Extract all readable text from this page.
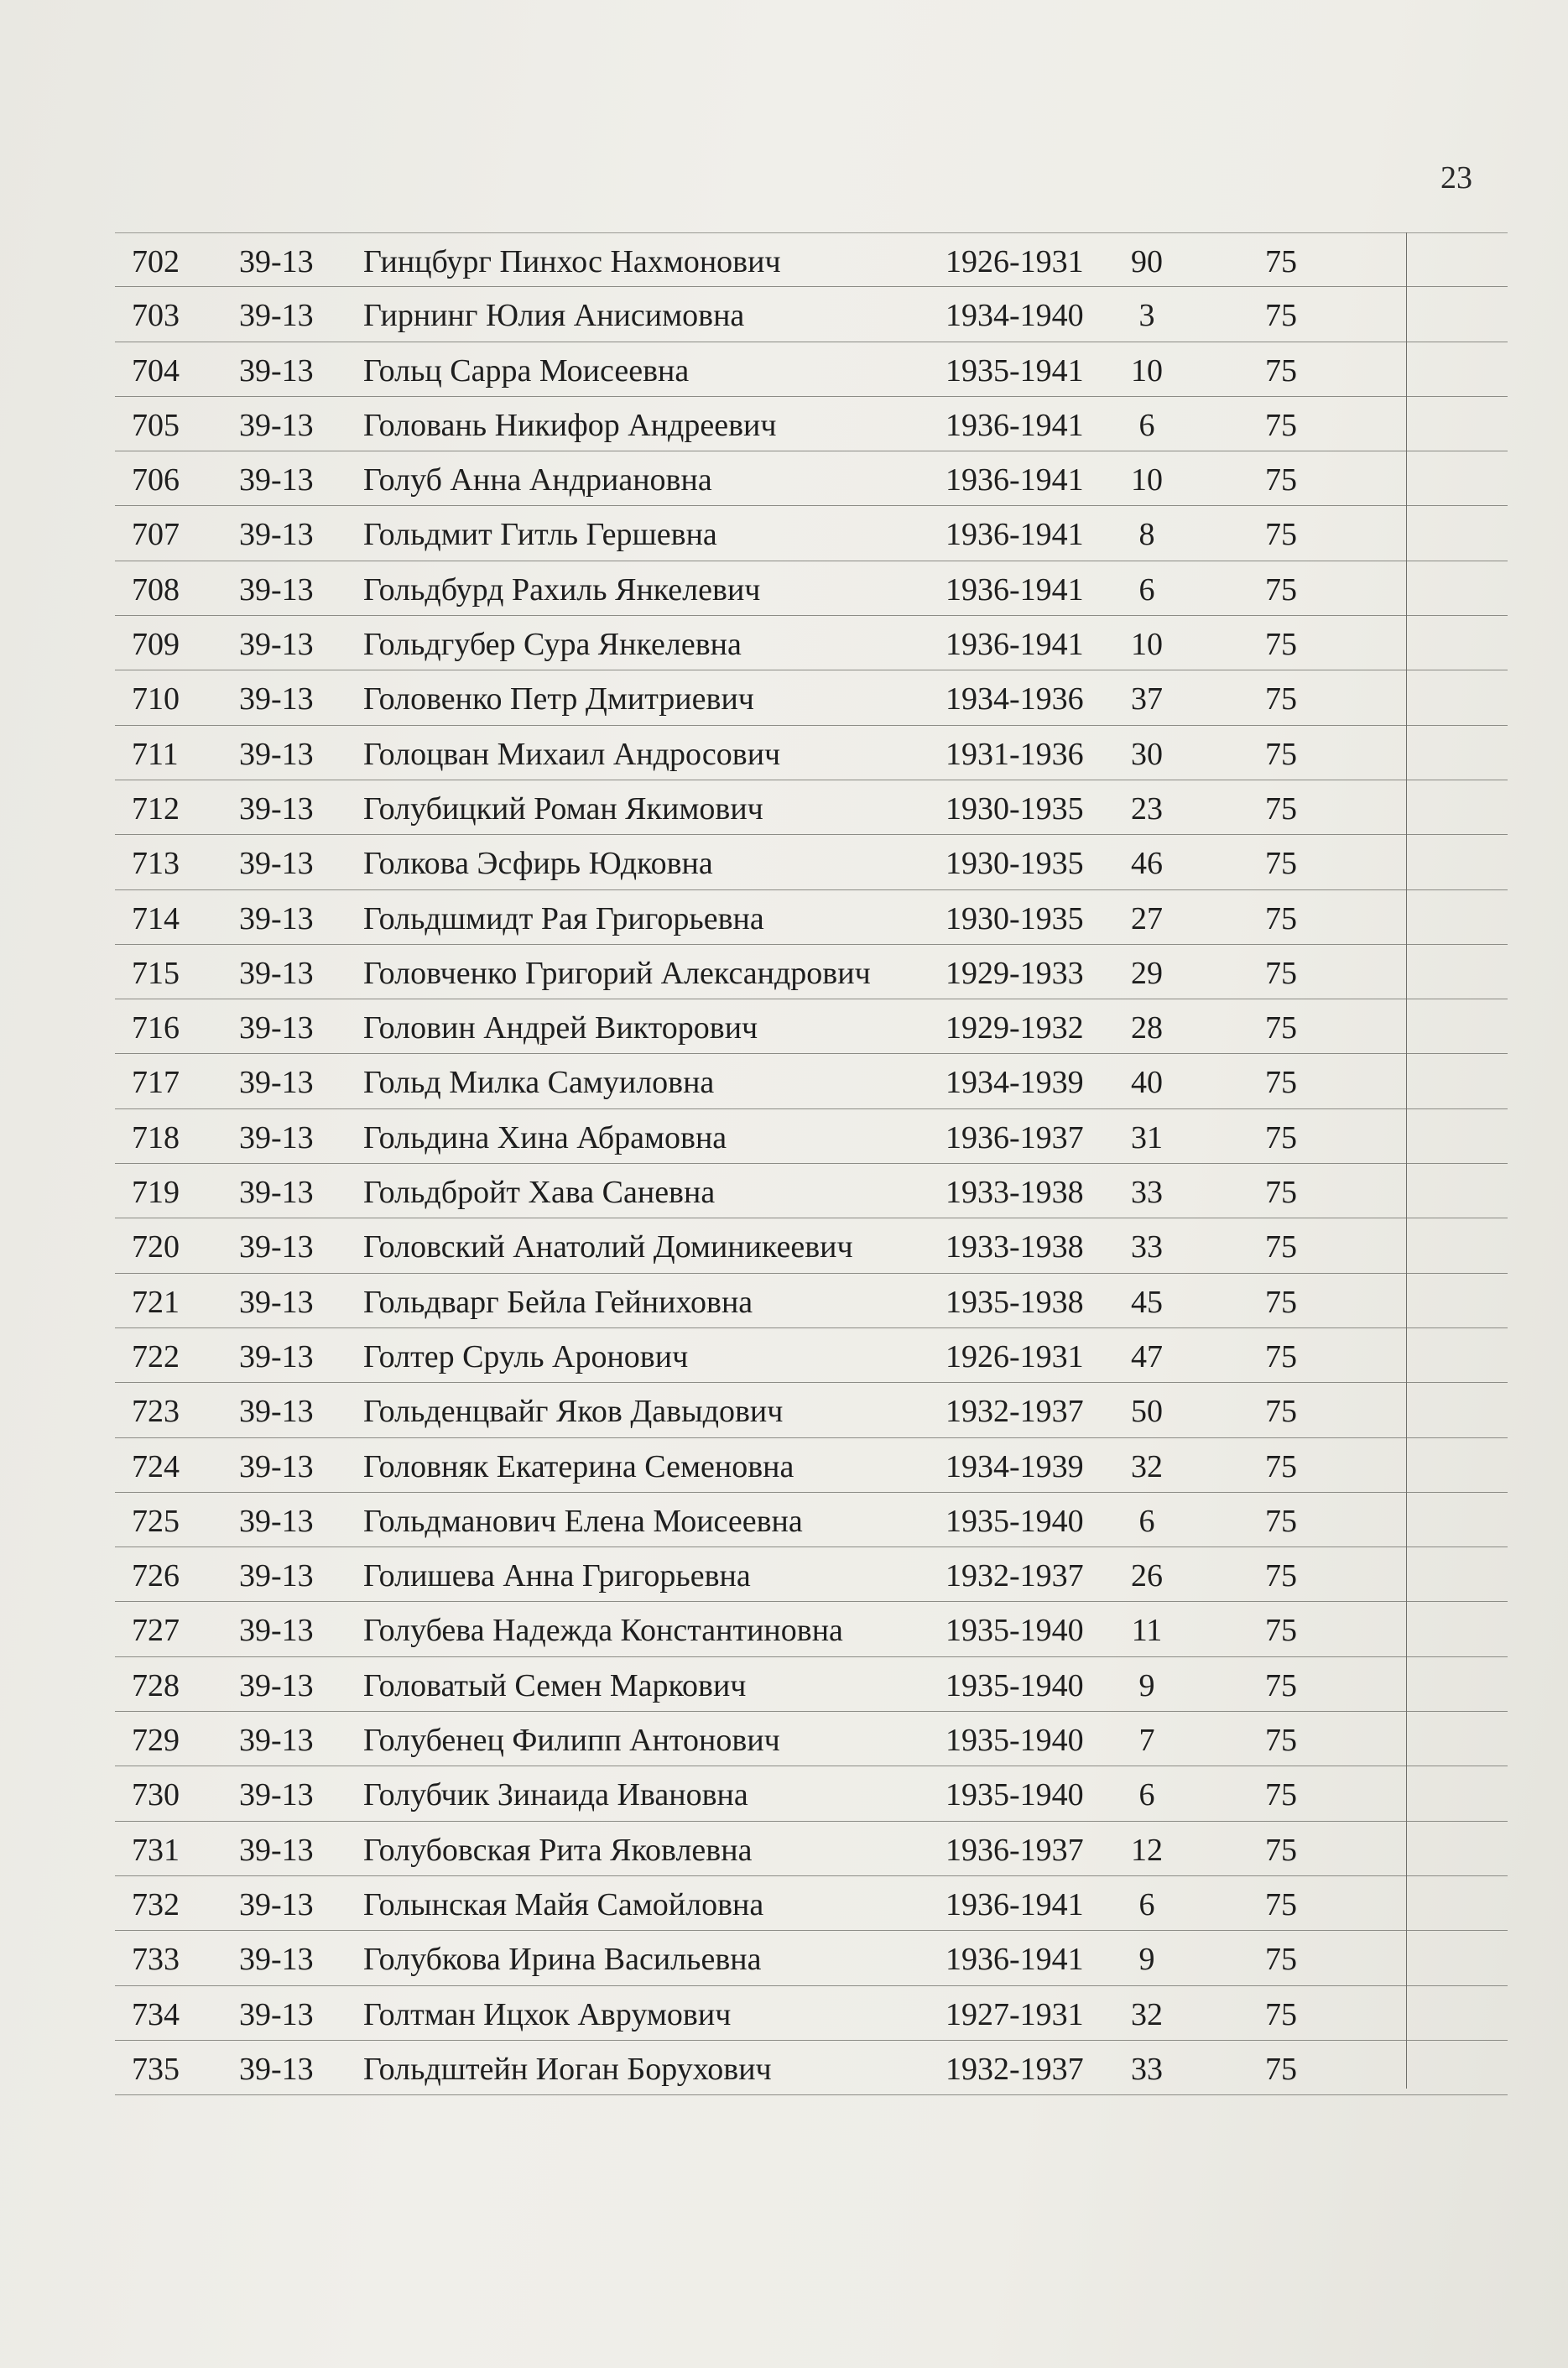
23
702 39-13 Гинцбург Пинхос Нахмонович	1926-1931	90	75
703 39-13 Гирнинг Юлия Анисимовна	1934-1940	3	75
704 39-13 Гольц Сарра Моисеевна	1935-1941	10	75
705 39-13 Головань Никифор Андреевич	1936-1941	6	75
706 39-13 Голуб Анна Андриановна	1936-1941	10	75
707 39-13 Гольдмит Гитль Гершевна	1936-1941	8	75
708 39-13 Гольдбурд Рахиль Янкелевич	1936-1941	6	75
709 39-13 Гольдгубер Сура Янкелевна	1936-1941	10	75
710 39-13 Головенко Петр Дмитриевич	1934-1936	37	75
711 39-13 Голоцван Михаил Андросович	1931-1936	30	75
712 39-13 Голубицкий Роман Якимович	1930-1935	23	75
713 39-13 Голкова Эсфирь Юдковна	1930-1935	46	75
714 39-13 Гольдшмидт Рая Григорьевна	1930-1935	27	75
715 39-13 Головченко Григорий Александрович 1929-1933	29	75
716 39-13 Головин Андрей Викторович	1929-1932	28	75
717 39-13 Гольд Милка Самуиловна	1934-1939	40	75
718 39-13 Гольдина Хина Абрамовна	1936-1937	31	75
719 39-13 Гольдбройт Хава Саневна	1933-1938	33	75
720 39-13 Головский Анатолий Доминикеевич	1933-1938	33	75
721 39-13 Гольдварг Бейла Гейниховна	1935-1938	45	75
722 39-13 Голтер Сруль Аронович	1926-1931	47	75
723 39-13 Гольденцвайг Яков Давыдович	1932-1937	50	75
724 39-13 Головняк Екатерина Семеновна	1934-1939	32	75
725 39-13 Гольдманович Елена Моисеевна	1935-1940	6	75
726 39-13 Голишева Анна Григорьевна	1932-1937	26	75
727 39-13 Голубева Надежда Константиновна	1935-1940	11	75
728 39-13 Головатый Семен Маркович	1935-1940	9	75
729 39-13 Голубенец Филипп Антонович	1935-1940	7	75
730 39-13 Голубчик Зинаида Ивановна	1935-1940	6	75
731 39-13 Голубовская Рита Яковлевна	1936-1937	12	75
732 39-13 Голынская Майя Самойловна	1936-1941	6	75
733 39-13 Голубкова Ирина Васильевна	1936-1941	9	75
734 39-13 Голтман Ицхок Аврумович	1927-1931	32	75
735 39-13 Гольдштейн Иоган Борухович	1932-1937	33	75
